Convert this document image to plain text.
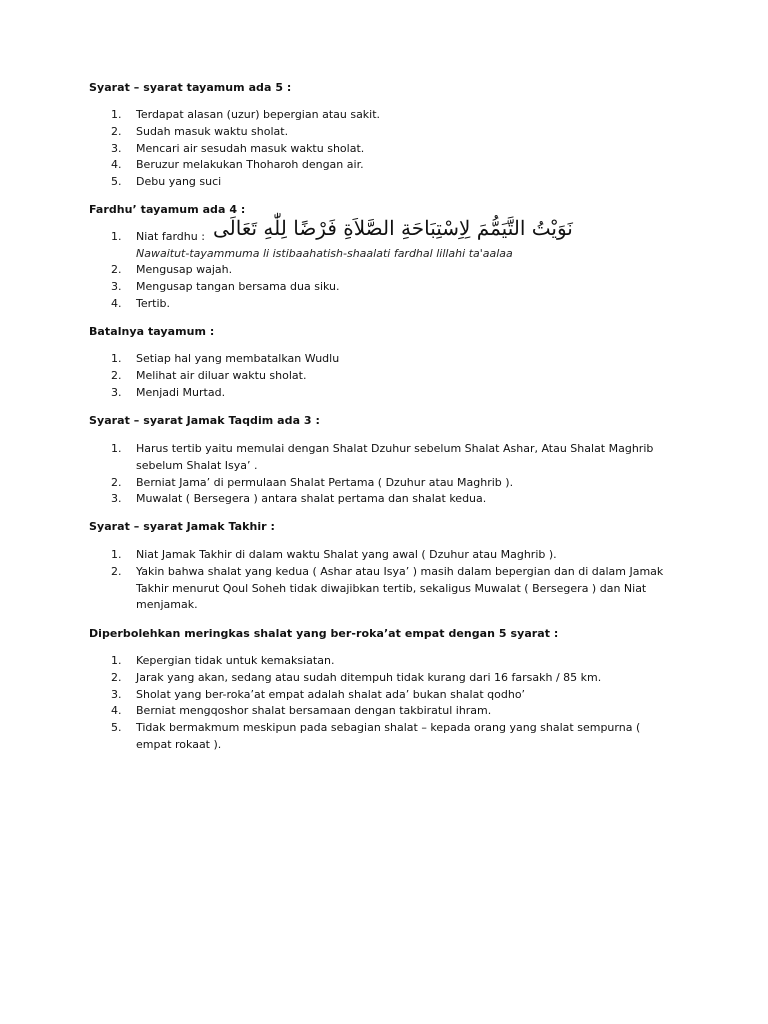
Syarat – syarat tayamum ada 5 :

1. Terdapat alasan (uzur) bepergian atau sakit.
2. Sudah masuk waktu sholat.
3. Mencari air sesudah masuk waktu sholat.
4. Beruzur melakukan Thoharoh dengan air.
5. Debu yang suci

Fardhu’ tayamum ada 4 :

1. Niat fardhu : نَوَيْتُ التَّيَمُّمَ لِاِسْتِبَاحَةِ الصَّلاَةِ فَرْضًا لِلّٰهِ تَعَالَى
Nawaitut-tayammuma li istibaahatish-shaalati fardhal lillahi ta'aalaa
2. Mengusap wajah.
3. Mengusap tangan bersama dua siku.
4. Tertib.

Batalnya tayamum :

1. Setiap hal yang membatalkan Wudlu
2. Melihat air diluar waktu sholat.
3. Menjadi Murtad.

Syarat – syarat Jamak Taqdim ada 3 :

1. Harus tertib yaitu memulai dengan Shalat Dzuhur sebelum Shalat Ashar, Atau Shalat Maghrib sebelum Shalat Isya’ .
2. Berniat Jama’ di permulaan Shalat Pertama ( Dzuhur atau Maghrib ).
3. Muwalat ( Bersegera ) antara shalat pertama dan shalat kedua.

Syarat – syarat Jamak Takhir :

1. Niat Jamak Takhir di dalam waktu Shalat yang awal ( Dzuhur atau Maghrib ).
2. Yakin bahwa shalat yang kedua ( Ashar atau Isya’ ) masih dalam bepergian dan di dalam Jamak Takhir menurut Qoul Soheh tidak diwajibkan tertib, sekaligus Muwalat ( Bersegera ) dan Niat menjamak.

Diperbolehkan meringkas shalat yang ber-roka’at empat dengan 5 syarat :

1. Kepergian tidak untuk kemaksiatan.
2. Jarak yang akan, sedang atau sudah ditempuh tidak kurang dari 16 farsakh / 85 km.
3. Sholat yang ber-roka’at empat adalah shalat ada’ bukan shalat qodho’
4. Berniat mengqoshor shalat bersamaan dengan takbiratul ihram.
5. Tidak bermakmum meskipun pada sebagian shalat – kepada orang yang shalat sempurna ( empat rokaat ).
